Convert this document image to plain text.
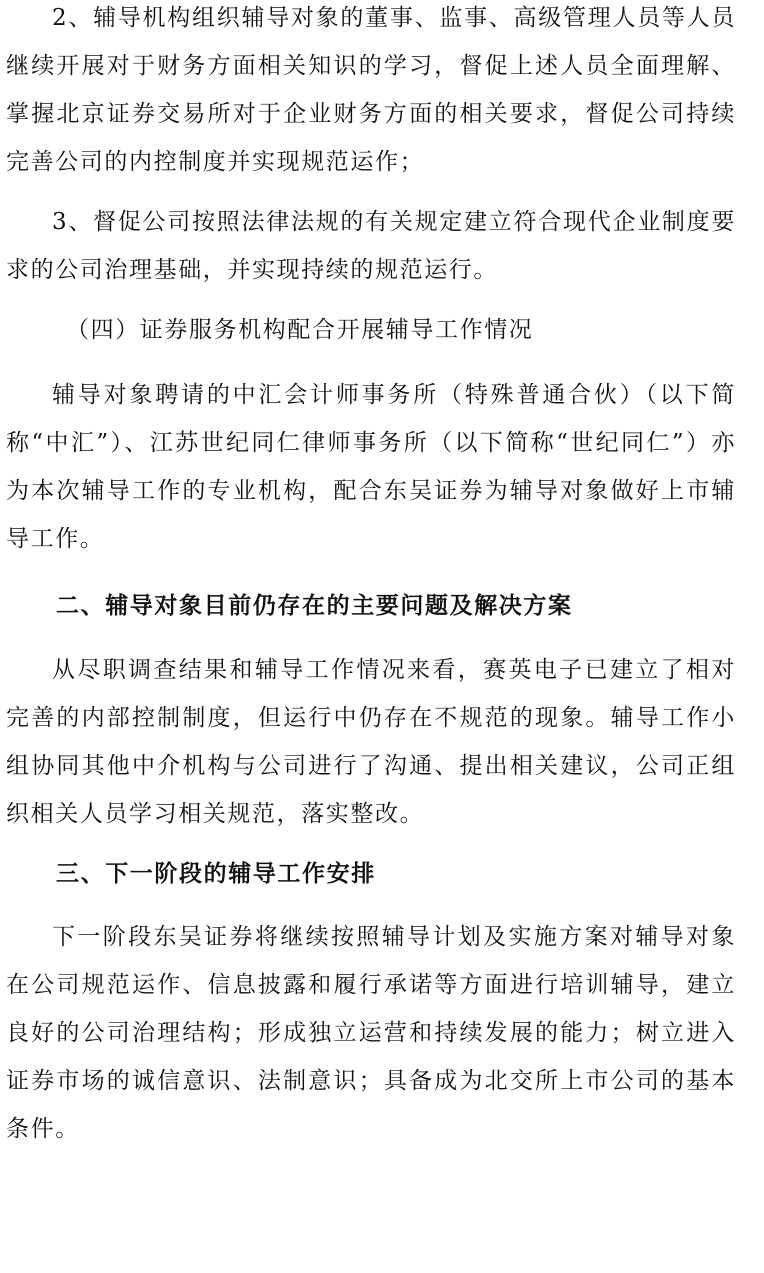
2、辅导机构组织辅导对象的董事、监事、高级管理人员等人员继续开展对于财务方面相关知识的学习，督促上述人员全面理解、掌握北京证券交易所对于企业财务方面的相关要求，督促公司持续完善公司的内控制度并实现规范运作；

3、督促公司按照法律法规的有关规定建立符合现代企业制度要求的公司治理基础，并实现持续的规范运行。

（四）证券服务机构配合开展辅导工作情况

辅导对象聘请的中汇会计师事务所（特殊普通合伙）（以下简称“中汇”）、江苏世纪同仁律师事务所（以下简称“世纪同仁”）亦为本次辅导工作的专业机构，配合东吴证券为辅导对象做好上市辅导工作。

二、辅导对象目前仍存在的主要问题及解决方案

从尽职调查结果和辅导工作情况来看，赛英电子已建立了相对完善的内部控制制度，但运行中仍存在不规范的现象。辅导工作小组协同其他中介机构与公司进行了沟通、提出相关建议，公司正组织相关人员学习相关规范，落实整改。

三、下一阶段的辅导工作安排

下一阶段东吴证券将继续按照辅导计划及实施方案对辅导对象在公司规范运作、信息披露和履行承诺等方面进行培训辅导，建立良好的公司治理结构；形成独立运营和持续发展的能力；树立进入证券市场的诚信意识、法制意识；具备成为北交所上市公司的基本条件。
